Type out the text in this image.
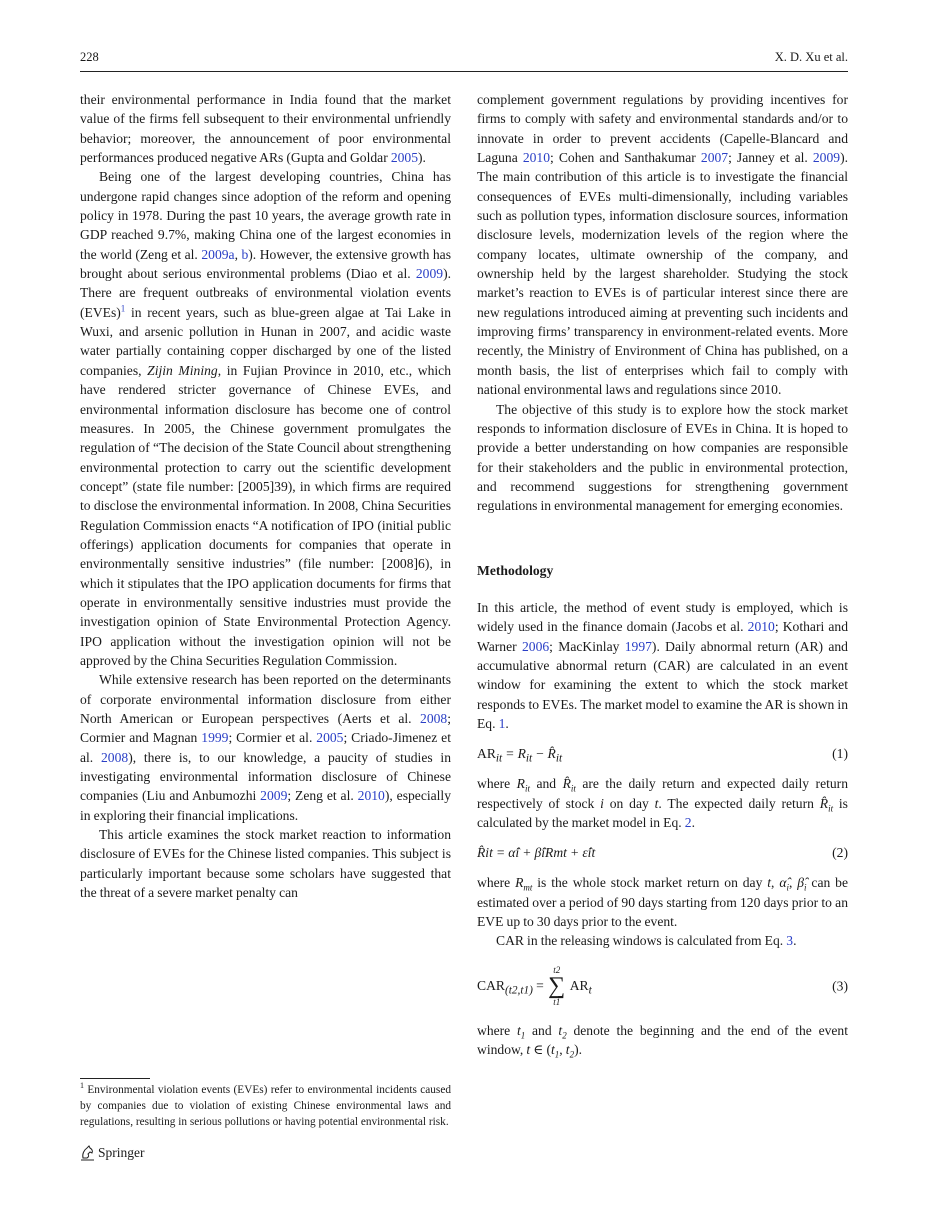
228	X. D. Xu et al.

their environmental performance in India found that the market value of the firms fell subsequent to their environmental unfriendly behavior; moreover, the announcement of poor environmental performances produced negative ARs (Gupta and Goldar 2005).

Being one of the largest developing countries, China has undergone rapid changes since adoption of the reform and opening policy in 1978. During the past 10 years, the average growth rate in GDP reached 9.7%, making China one of the largest economies in the world (Zeng et al. 2009a, b). However, the extensive growth has brought about serious environmental problems (Diao et al. 2009). There are frequent outbreaks of environmental violation events (EVEs)$^1$ in recent years, such as blue-green algae at Tai Lake in Wuxi, and arsenic pollution in Hunan in 2007, and acidic waste water partially containing copper discharged by one of the listed companies, Zijin Mining, in Fujian Province in 2010, etc., which have rendered stricter governance of Chinese EVEs, and environmental information disclosure has become one of control measures. In 2005, the Chinese government promulgates the regulation of “The decision of the State Council about strengthening environmental protection to carry out the scientific development concept” (state file number: [2005]39), in which firms are required to disclose the environmental information. In 2008, China Securities Regulation Commission enacts “A notification of IPO (initial public offerings) application documents for companies that operate in environmentally sensitive industries” (file number: [2008]6), in which it stipulates that the IPO application documents for firms that operate in environmentally sensitive industries must provide the investigation opinion of State Environmental Protection Agency. IPO application without the investigation opinion will not be approved by the China Securities Regulation Commission.

While extensive research has been reported on the determinants of corporate environmental information disclosure from either North American or European perspectives (Aerts et al. 2008; Cormier and Magnan 1999; Cormier et al. 2005; Criado-Jimenez et al. 2008), there is, to our knowledge, a paucity of studies in investigating environmental information disclosure of Chinese companies (Liu and Anbumozhi 2009; Zeng et al. 2010), especially in exploring their financial implications.

This article examines the stock market reaction to information disclosure of EVEs for the Chinese listed companies. This subject is particularly important because some scholars have suggested that the threat of a severe market penalty can

$^1$ Environmental violation events (EVEs) refer to environmental incidents caused by companies due to violation of existing Chinese environmental laws and regulations, resulting in serious pollutions or having potential environmental risk.

complement government regulations by providing incentives for firms to comply with safety and environmental standards and/or to innovate in order to prevent accidents (Capelle-Blancard and Laguna 2010; Cohen and Santhakumar 2007; Janney et al. 2009). The main contribution of this article is to investigate the financial consequences of EVEs multi-dimensionally, including variables such as pollution types, information disclosure sources, information disclosure levels, modernization levels of the region where the company locates, ultimate ownership of the company, and ownership held by the largest shareholder. Studying the stock market’s reaction to EVEs is of particular interest since there are new regulations introduced aiming at preventing such incidents and improving firms’ transparency in environment-related events. More recently, the Ministry of Environment of China has published, on a month basis, the list of enterprises which fail to comply with national environmental laws and regulations since 2010.

The objective of this study is to explore how the stock market responds to information disclosure of EVEs in China. It is hoped to provide a better understanding on how companies are responsible for their stakeholders and the public in environmental protection, and recommend suggestions for strengthening government regulations in environmental management for emerging economies.

Methodology

In this article, the method of event study is employed, which is widely used in the finance domain (Jacobs et al. 2010; Kothari and Warner 2006; MacKinlay 1997). Daily abnormal return (AR) and accumulative abnormal return (CAR) are calculated in an event window for examining the extent to which the stock market responds to EVEs. The market model to examine the AR is shown in Eq. 1.

$AR_{it} = R_{it}$ − $R̂_{it}$	(1)

where $R_{it}$ and $R̂_{it}$ are the daily return and expected daily return respectively of stock i on day t. The expected daily return $R̂_{it}$ is calculated by the market model in Eq. 2.

R̂it = α̂i + β̂iRmt + ε̂it	(2)

where $R_{mt}$ is the whole stock market return on day t, $\alphâ_i$, $\betâ_i$ can be estimated over a period of 90 days starting from 120 days prior to an EVE up to 30 days prior to the event.

CAR in the releasing windows is calculated from Eq. 3.

$CAR_{(t2,t1)}$ =
t2
∑
t1
$AR_t$	(3)

where $t_1$ and $t_2$ denote the beginning and the end of the event window, t ∈ ($t_1$, $t_2$).

Springer
